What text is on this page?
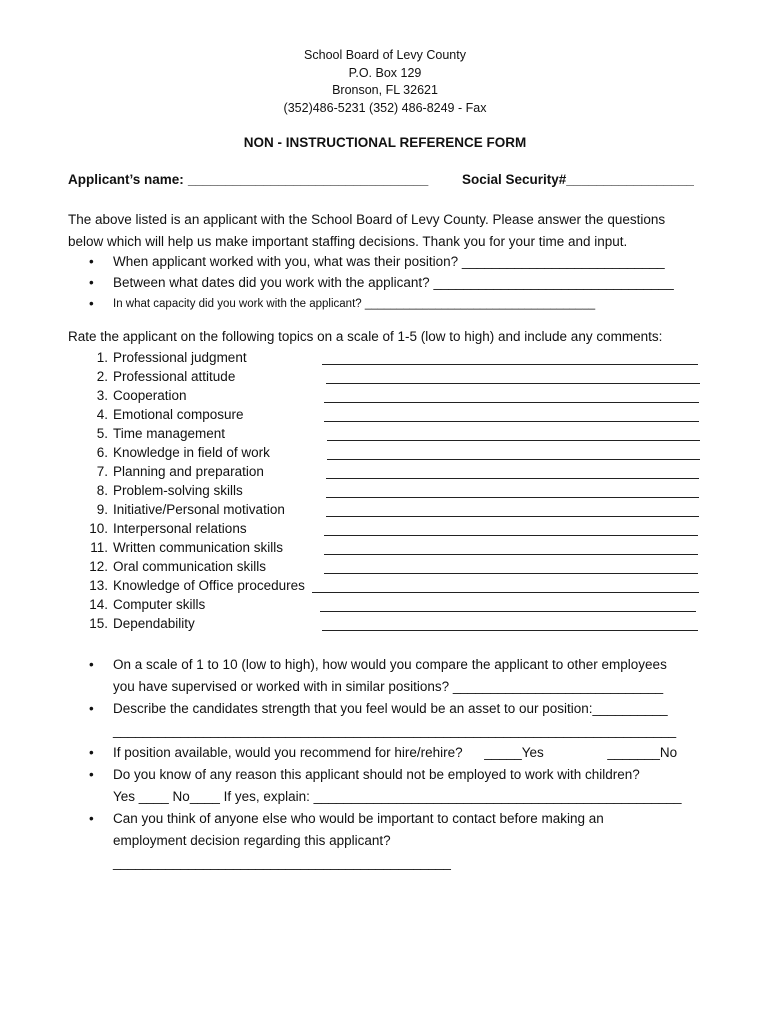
School Board of Levy County
P.O. Box 129
Bronson, FL 32621
(352)486-5231 (352) 486-8249 - Fax
NON - INSTRUCTIONAL REFERENCE FORM
Applicant’s name: ________________________________ Social Security#_________________
The above listed is an applicant with the School Board of Levy County. Please answer the questions
below which will help us make important staffing decisions. Thank you for your time and input.
• When applicant worked with you, what was their position? ___________________________
• Between what dates did you work with the applicant? ________________________________
• In what capacity did you work with the applicant? ____________________________________
Rate the applicant on the following topics on a scale of 1-5 (low to high) and include any comments:
1. Professional judgment
2. Professional attitude
3. Cooperation
4. Emotional composure
5. Time management
6. Knowledge in field of work
7. Planning and preparation
8. Problem-solving skills
9. Initiative/Personal motivation
10. Interpersonal relations
11. Written communication skills
12. Oral communication skills
13. Knowledge of Office procedures
14. Computer skills
15. Dependability
• On a scale of 1 to 10 (low to high), how would you compare the applicant to other employees
you have supervised or worked with in similar positions? ____________________________
• Describe the candidates strength that you feel would be an asset to our position:__________
___________________________________________________________________________
• If position available, would you recommend for hire/rehire? _____Yes	_______No
• Do you know of any reason this applicant should not be employed to work with children?
Yes ____ No____ If yes, explain: _________________________________________________
• Can you think of anyone else who would be important to contact before making an
employment decision regarding this applicant?
_____________________________________________
